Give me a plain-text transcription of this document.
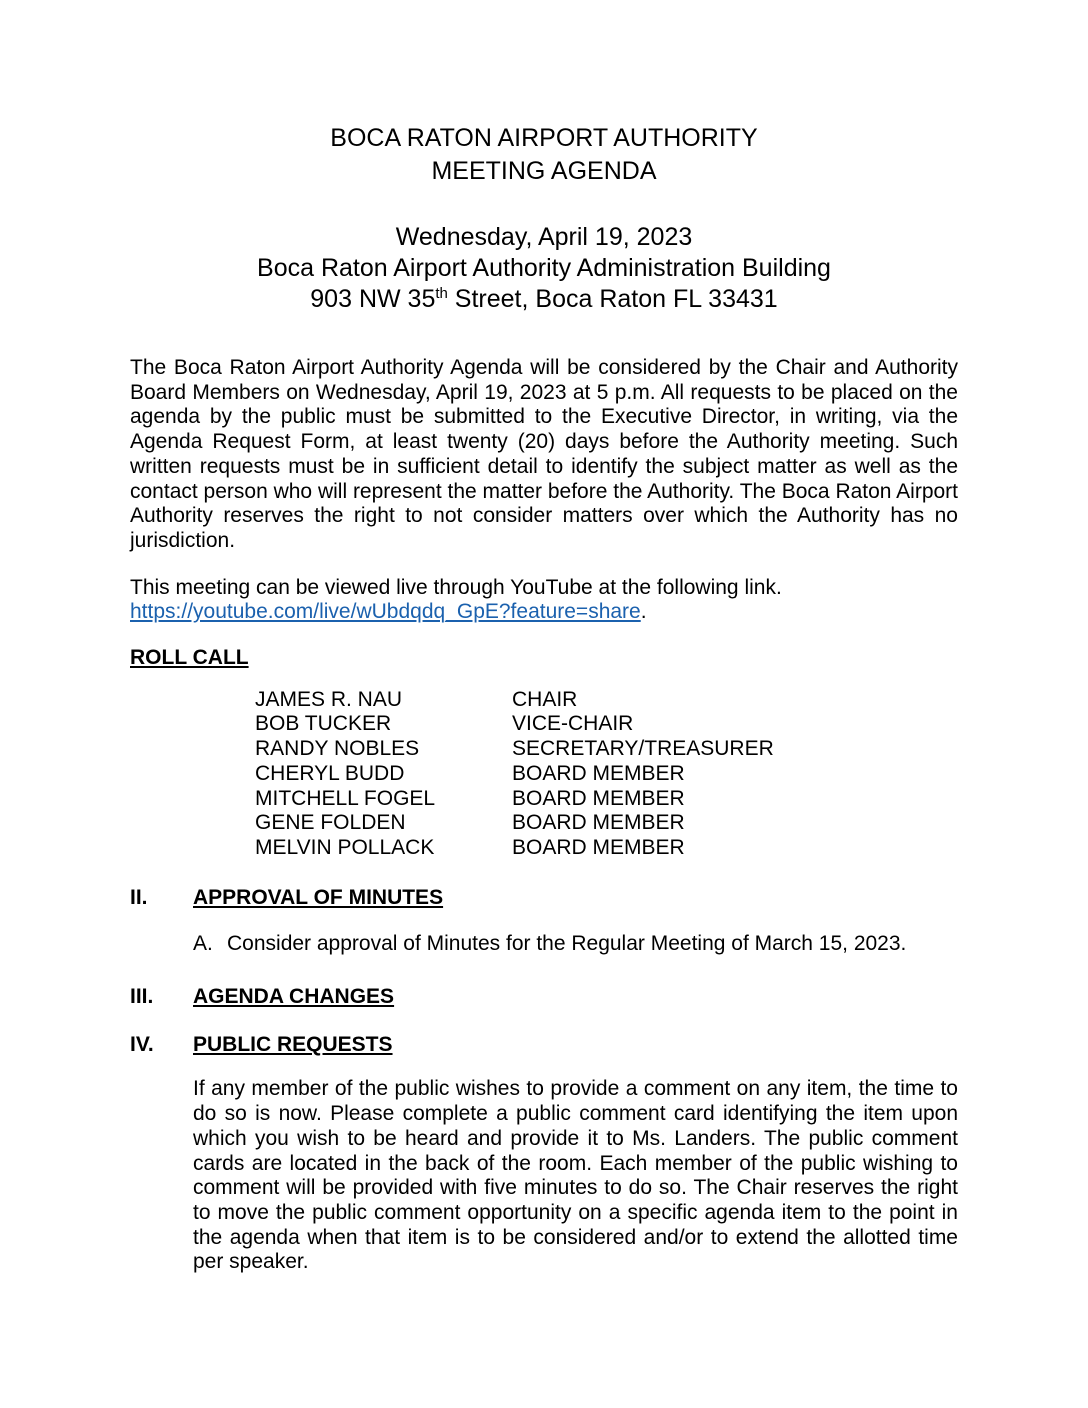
BOCA RATON AIRPORT AUTHORITY
MEETING AGENDA
Wednesday, April 19, 2023
Boca Raton Airport Authority Administration Building
903 NW 35th Street, Boca Raton FL 33431

The Boca Raton Airport Authority Agenda will be considered by the Chair and Authority Board Members on Wednesday, April 19, 2023 at 5 p.m. All requests to be placed on the agenda by the public must be submitted to the Executive Director, in writing, via the Agenda Request Form, at least twenty (20) days before the Authority meeting. Such written requests must be in sufficient detail to identify the subject matter as well as the contact person who will represent the matter before the Authority. The Boca Raton Airport Authority reserves the right to not consider matters over which the Authority has no jurisdiction.

This meeting can be viewed live through YouTube at the following link.
https://youtube.com/live/wUbdqdq_GpE?feature=share.
ROLL CALL
JAMES R. NAU	CHAIR
BOB TUCKER	VICE-CHAIR
RANDY NOBLES	SECRETARY/TREASURER
CHERYL BUDD	BOARD MEMBER
MITCHELL FOGEL	BOARD MEMBER
GENE FOLDEN	BOARD MEMBER
MELVIN POLLACK	BOARD MEMBER
II.	APPROVAL OF MINUTES
A. Consider approval of Minutes for the Regular Meeting of March 15, 2023.
III.	AGENDA CHANGES
IV.	PUBLIC REQUESTS

If any member of the public wishes to provide a comment on any item, the time to do so is now. Please complete a public comment card identifying the item upon which you wish to be heard and provide it to Ms. Landers. The public comment cards are located in the back of the room. Each member of the public wishing to comment will be provided with five minutes to do so. The Chair reserves the right to move the public comment opportunity on a specific agenda item to the point in the agenda when that item is to be considered and/or to extend the allotted time per speaker.
